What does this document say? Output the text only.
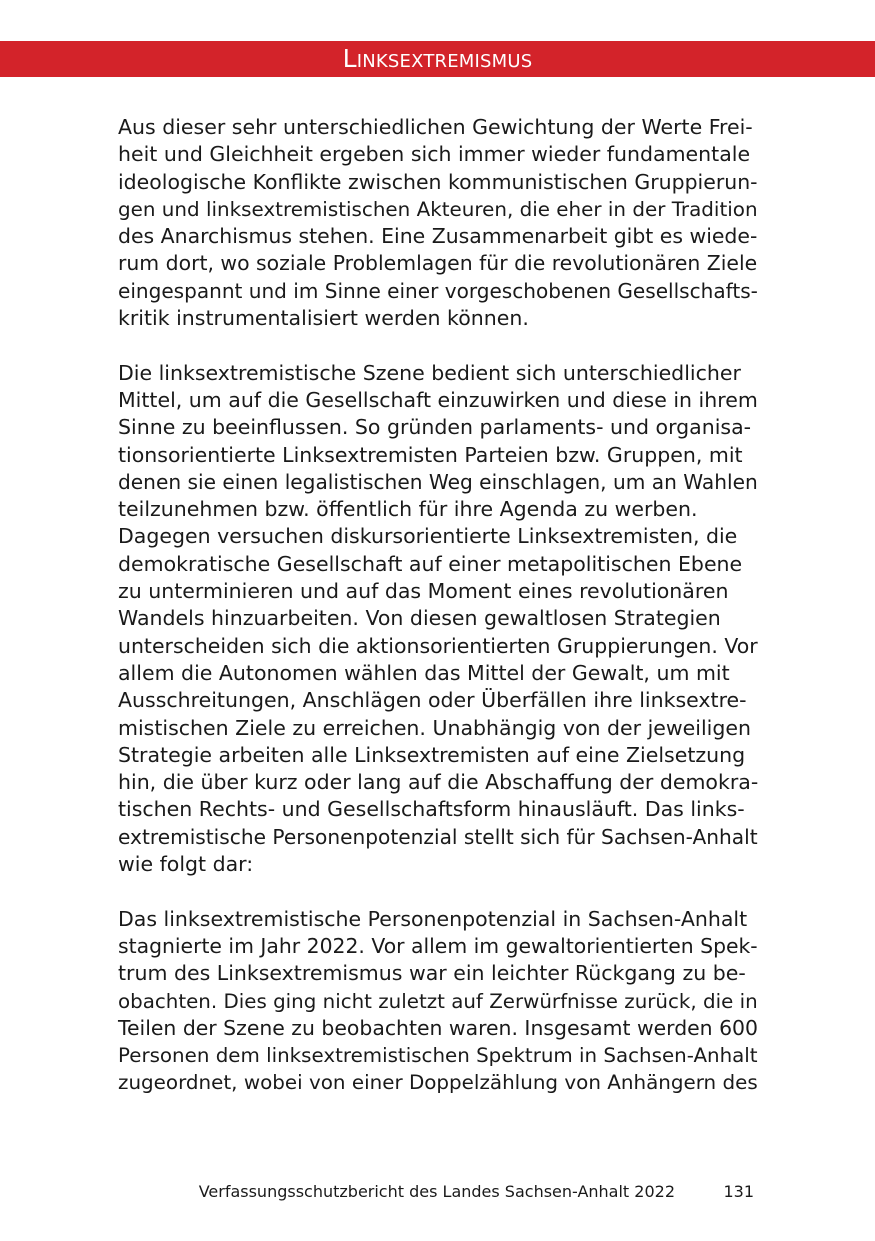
Linksextremismus

Aus dieser sehr unterschiedlichen Gewichtung der Werte Frei-
heit und Gleichheit ergeben sich immer wieder fundamentale
ideologische Konflikte zwischen kommunistischen Gruppierun-
gen und linksextremistischen Akteuren, die eher in der Tradition
des Anarchismus stehen. Eine Zusammenarbeit gibt es wiede-
rum dort, wo soziale Problemlagen für die revolutionären Ziele
eingespannt und im Sinne einer vorgeschobenen Gesellschafts-
kritik instrumentalisiert werden können.

Die linksextremistische Szene bedient sich unterschiedlicher
Mittel, um auf die Gesellschaft einzuwirken und diese in ihrem
Sinne zu beeinflussen. So gründen parlaments- und organisa-
tionsorientierte Linksextremisten Parteien bzw. Gruppen, mit
denen sie einen legalistischen Weg einschlagen, um an Wahlen
teilzunehmen bzw. öffentlich für ihre Agenda zu werben.
Dagegen versuchen diskursorientierte Linksextremisten, die
demokratische Gesellschaft auf einer metapolitischen Ebene
zu unterminieren und auf das Moment eines revolutionären
Wandels hinzuarbeiten. Von diesen gewaltlosen Strategien
unterscheiden sich die aktionsorientierten Gruppierungen. Vor
allem die Autonomen wählen das Mittel der Gewalt, um mit
Ausschreitungen, Anschlägen oder Überfällen ihre linksextre-
mistischen Ziele zu erreichen. Unabhängig von der jeweiligen
Strategie arbeiten alle Linksextremisten auf eine Zielsetzung
hin, die über kurz oder lang auf die Abschaffung der demokra-
tischen Rechts- und Gesellschaftsform hinausläuft. Das links-
extremistische Personenpotenzial stellt sich für Sachsen-Anhalt
wie folgt dar:

Das linksextremistische Personenpotenzial in Sachsen-Anhalt
stagnierte im Jahr 2022. Vor allem im gewaltorientierten Spek-
trum des Linksextremismus war ein leichter Rückgang zu be-
obachten. Dies ging nicht zuletzt auf Zerwürfnisse zurück, die in
Teilen der Szene zu beobachten waren. Insgesamt werden 600
Personen dem linksextremistischen Spektrum in Sachsen-Anhalt
zugeordnet, wobei von einer Doppelzählung von Anhängern des

Verfassungsschutzbericht des Landes Sachsen-Anhalt 2022	131
